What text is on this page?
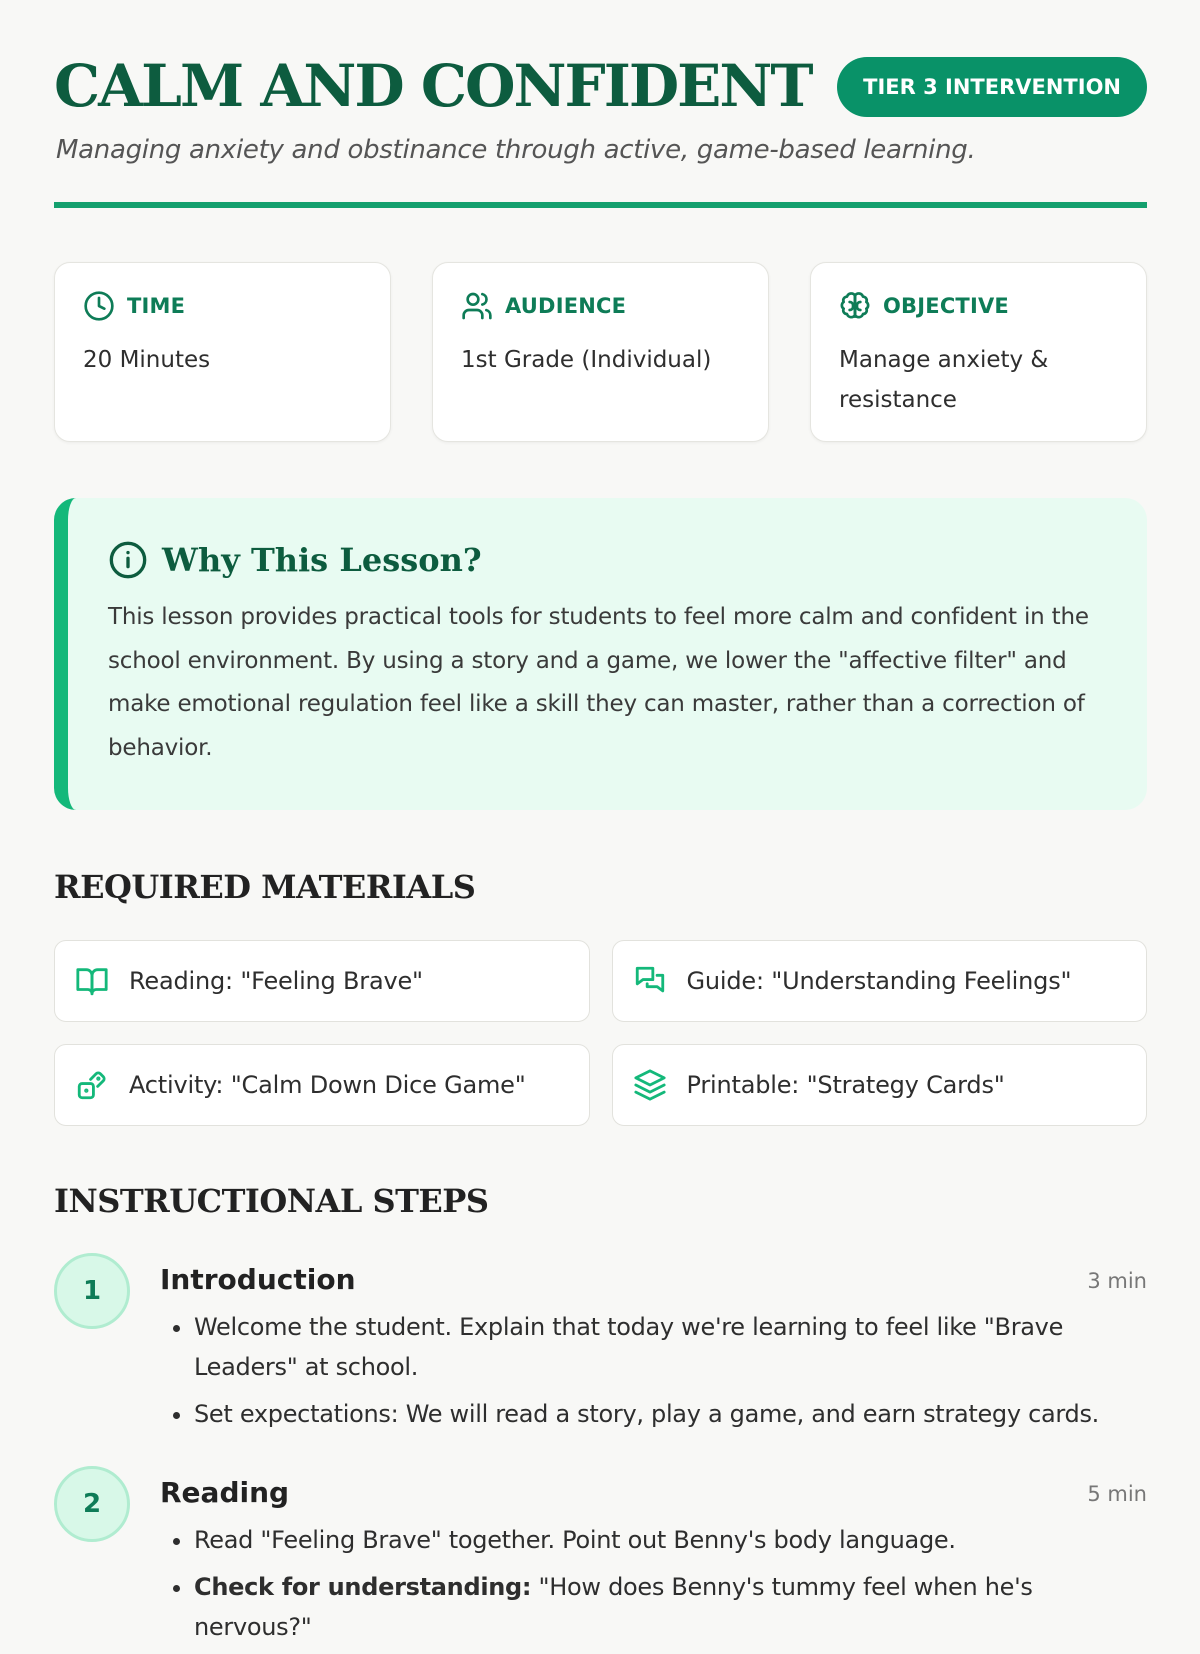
CALM AND CONFIDENT	TIER 3 INTERVENTION

Managing anxiety and obstinance through active, game-based learning.

TIME
20 Minutes
AUDIENCE
1st Grade (Individual)
OBJECTIVE
Manage anxiety & resistance
Why This Lesson?
This lesson provides practical tools for students to feel more calm and confident in the school environment. By using a story and a game, we lower the "affective filter" and make emotional regulation feel like a skill they can master, rather than a correction of behavior.
REQUIRED MATERIALS
Reading: "Feeling Brave"	Guide: "Understanding Feelings"
Activity: "Calm Down Dice Game"	Printable: "Strategy Cards"
INSTRUCTIONAL STEPS
1	Introduction	3 min
• Welcome the student. Explain that today we're learning to feel like "Brave Leaders" at school.
• Set expectations: We will read a story, play a game, and earn strategy cards.
2	Reading	5 min
• Read "Feeling Brave" together. Point out Benny's body language.
• Check for understanding: "How does Benny's tummy feel when he's nervous?"
